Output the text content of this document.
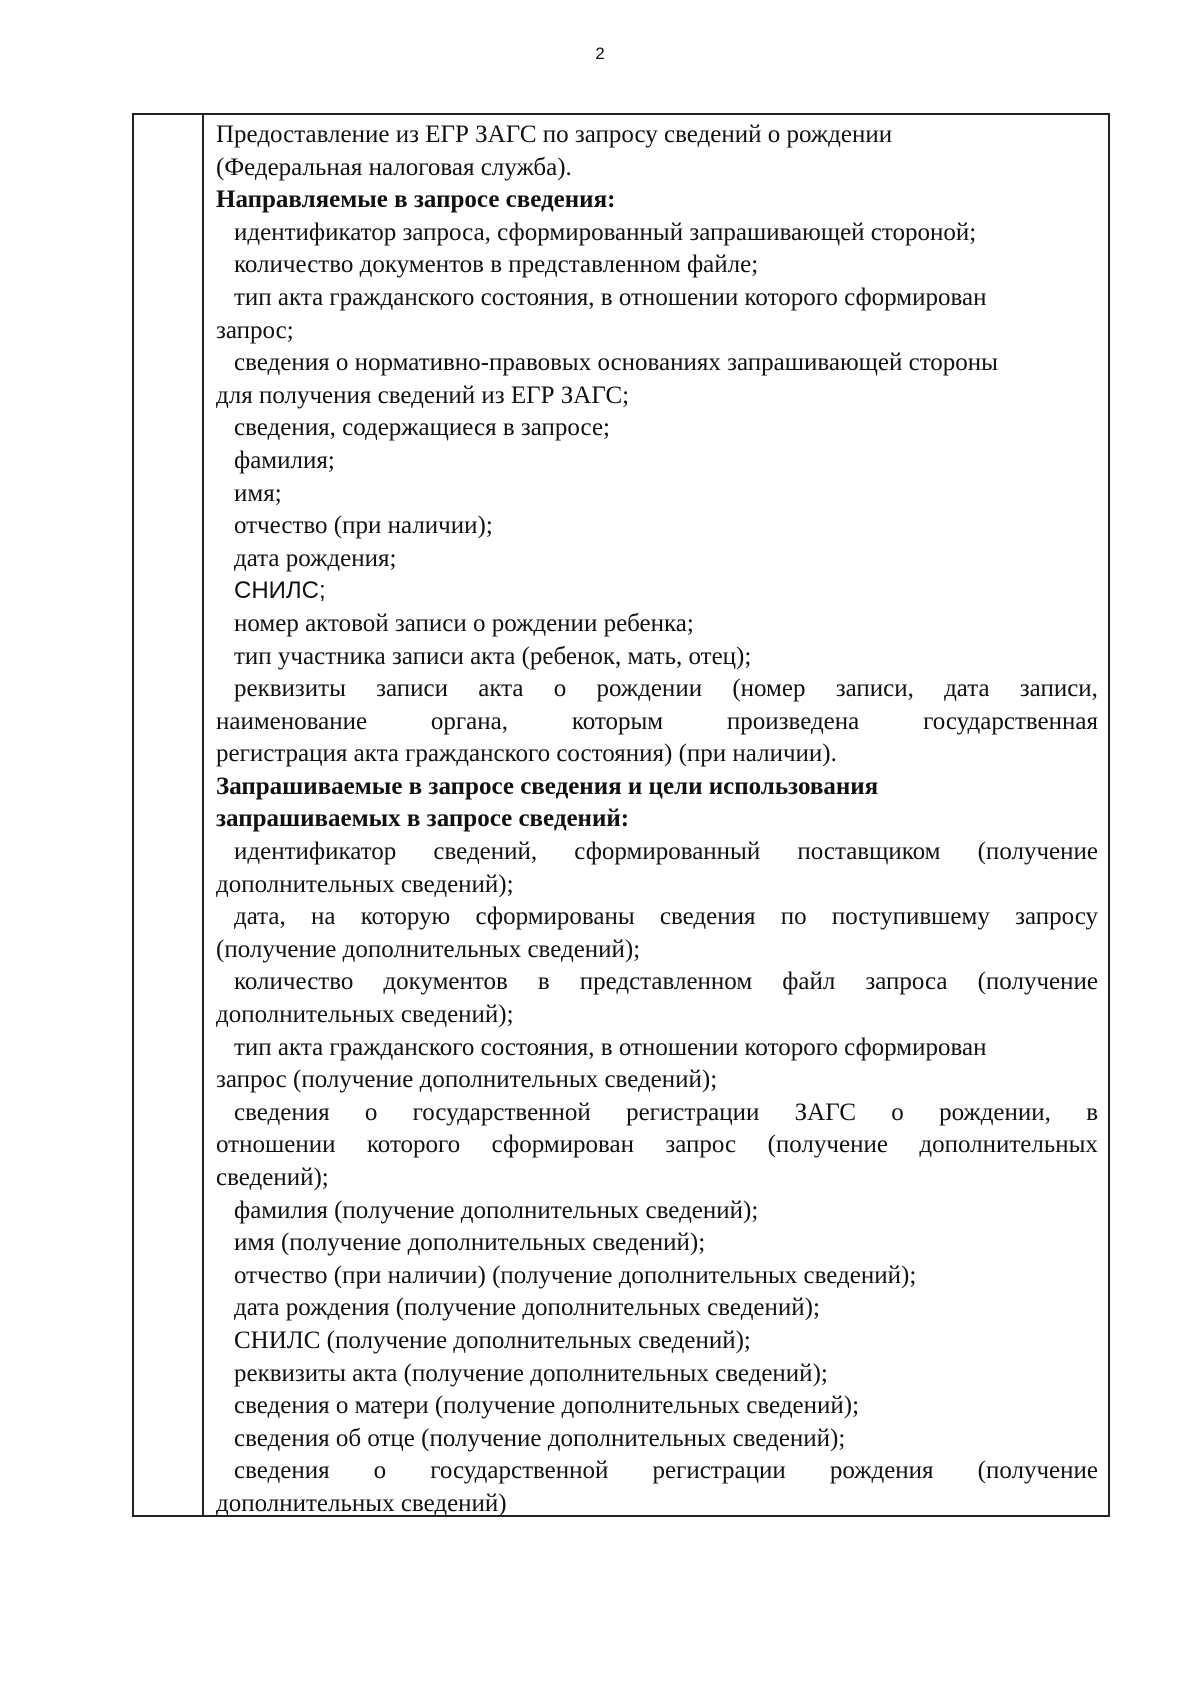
2
Предоставление из ЕГР ЗАГС по запросу сведений о рождении
(Федеральная налоговая служба).
Направляемые в запросе сведения:
идентификатор запроса, сформированный запрашивающей стороной;
количество документов в представленном файле;
тип акта гражданского состояния, в отношении которого сформирован
запрос;
сведения о нормативно-правовых основаниях запрашивающей стороны
для получения сведений из ЕГР ЗАГС;
сведения, содержащиеся в запросе;
фамилия;
имя;
отчество (при наличии);
дата рождения;
СНИЛС;
номер актовой записи о рождении ребенка;
тип участника записи акта (ребенок, мать, отец);
реквизиты записи акта о рождении (номер записи, дата записи,
наименование	органа,	которым	произведена	государственная
регистрация акта гражданского состояния) (при наличии).
Запрашиваемые в запросе сведения и цели использования
запрашиваемых в запросе сведений:
идентификатор сведений, сформированный поставщиком (получение
дополнительных сведений);
дата, на которую сформированы сведения по поступившему запросу
(получение дополнительных сведений);
количество документов в представленном файл запроса (получение
дополнительных сведений);
тип акта гражданского состояния, в отношении которого сформирован
запрос (получение дополнительных сведений);
сведения о государственной регистрации ЗАГС о рождении, в
отношении которого сформирован запрос (получение дополнительных
сведений);
фамилия (получение дополнительных сведений);
имя (получение дополнительных сведений);
отчество (при наличии) (получение дополнительных сведений);
дата рождения (получение дополнительных сведений);
СНИЛС (получение дополнительных сведений);
реквизиты акта (получение дополнительных сведений);
сведения о матери (получение дополнительных сведений);
сведения об отце (получение дополнительных сведений);
сведения о государственной регистрации рождения (получение
дополнительных сведений)
